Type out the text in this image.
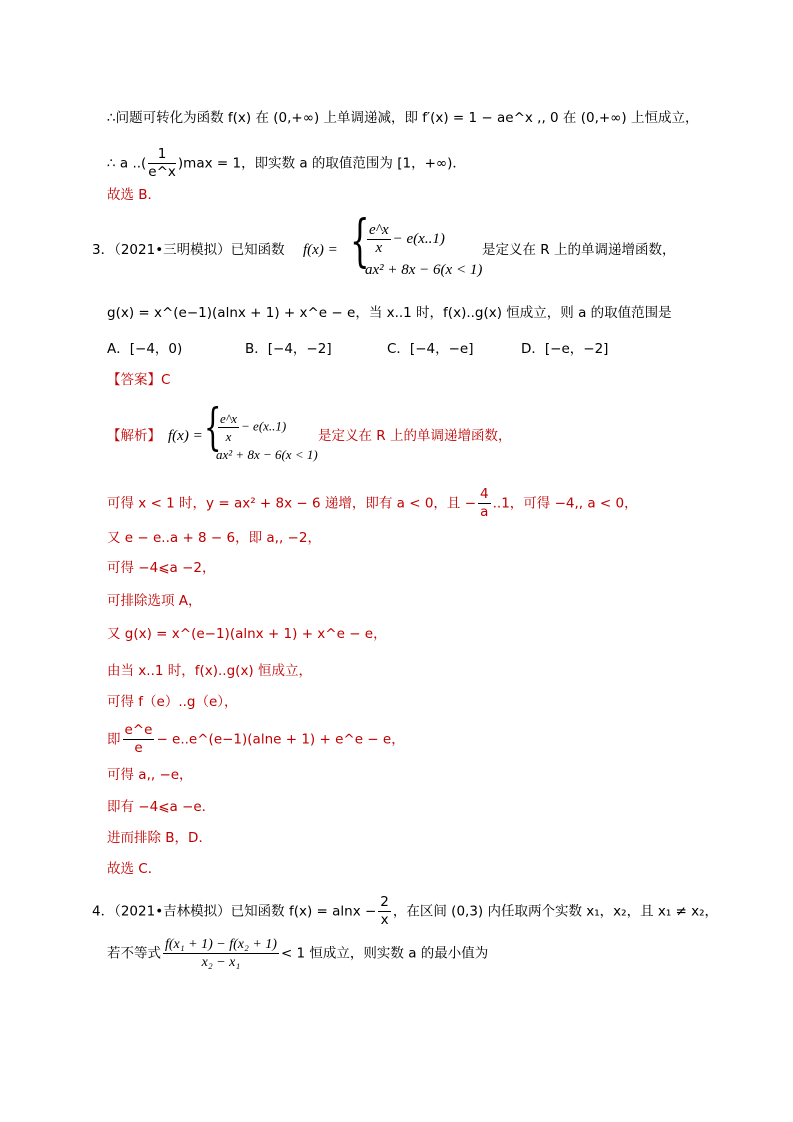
∴问题可转化为函数 f(x) 在 (0,+∞) 上单调递减，即 f′(x) = 1 − ae^x ,, 0 在 (0,+∞) 上恒成立，
∴ a ..( $\frac{1}{e\^{}x} )\max = 1$，即实数 a 的取值范围为 [1，+∞)．
故选 B．
3．（2021•三明模拟）已知函数 f(x) = {
$\frac{e\^{}x}{x} - e(x..1)$
ax² + 8x − 6(x < 1)
是定义在 R 上的单调递增函数，
g(x) = x^(e−1)(alnx + 1) + x^e − e，当 x..1 时，f(x)..g(x) 恒成立，则 a 的取值范围是
A．[−4，0)	B．[−4，−2]	C．[−4，−e]	D．[−e，−2]
【答案】C
【解析】 f(x) = {
$\frac{e\^{}x}{x} - e(x..1)$
ax² + 8x − 6(x < 1)
是定义在 R 上的单调递增函数，
可得 x < 1 时，y = ax² + 8x − 6 递增，即有 a < 0，且 − $\frac{4}{a} ..1$，可得 −4,, a < 0，
又 e − e..a + 8 − 6，即 a,, −2，
可得 −4⩽a −2，
可排除选项 A，
又 g(x) = x^(e−1)(alnx + 1) + x^e − e，
由当 x..1 时，f(x)..g(x) 恒成立，
可得 f（e）..g（e），
即 $\frac{e\^{}e}{e}$ − e..e^(e−1)(alne + 1) + e^e − e，
可得 a,, −e，
即有 −4⩽a −e．
进而排除 B，D．
故选 C．
4．（2021•吉林模拟）已知函数 $f(x) = alnx - \frac{2}{x}$ ，在区间 (0,3) 内任取两个实数 x₁，x₂，且 x₁ ≠ x₂，
若不等式 $\frac{\text{f(x₁ + 1) − f(x₂ + 1)}}{\text{x₂ − x₁}} < 1$ 恒成立，则实数 a 的最小值为
